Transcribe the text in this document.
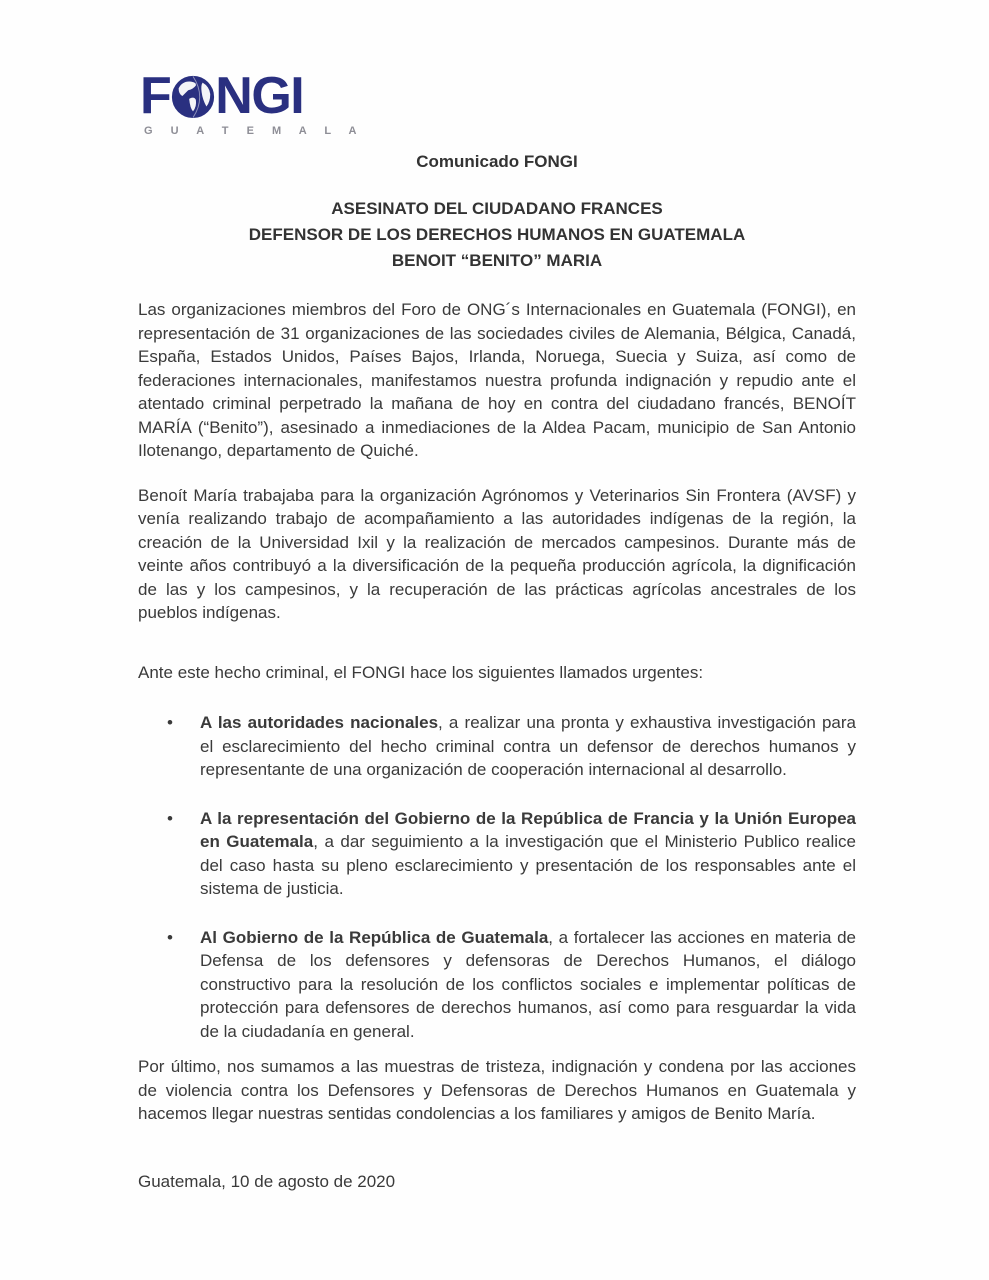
F NGI
G U A T E M A L A

Comunicado FONGI

ASESINATO DEL CIUDADANO FRANCES
DEFENSOR DE LOS DERECHOS HUMANOS EN GUATEMALA
BENOIT “BENITO” MARIA

Las organizaciones miembros del Foro de ONG´s Internacionales en Guatemala (FONGI), en representación de 31 organizaciones de las sociedades civiles de Alemania, Bélgica, Canadá, España, Estados Unidos, Países Bajos, Irlanda, Noruega, Suecia y Suiza, así como de federaciones internacionales, manifestamos nuestra profunda indignación y repudio ante el atentado criminal perpetrado la mañana de hoy en contra del ciudadano francés, BENOÍT MARÍA (“Benito”), asesinado a inmediaciones de la Aldea Pacam, municipio de San Antonio Ilotenango, departamento de Quiché.

Benoít María trabajaba para la organización Agrónomos y Veterinarios Sin Frontera (AVSF) y venía realizando trabajo de acompañamiento a las autoridades indígenas de la región, la creación de la Universidad Ixil y la realización de mercados campesinos. Durante más de veinte años contribuyó a la diversificación de la pequeña producción agrícola, la dignificación de las y los campesinos, y la recuperación de las prácticas agrícolas ancestrales de los pueblos indígenas.

Ante este hecho criminal, el FONGI hace los siguientes llamados urgentes:

• A las autoridades nacionales, a realizar una pronta y exhaustiva investigación para el esclarecimiento del hecho criminal contra un defensor de derechos humanos y representante de una organización de cooperación internacional al desarrollo.
• A la representación del Gobierno de la República de Francia y la Unión Europea en Guatemala, a dar seguimiento a la investigación que el Ministerio Publico realice del caso hasta su pleno esclarecimiento y presentación de los responsables ante el sistema de justicia.
• Al Gobierno de la República de Guatemala, a fortalecer las acciones en materia de Defensa de los defensores y defensoras de Derechos Humanos, el diálogo constructivo para la resolución de los conflictos sociales e implementar políticas de protección para defensores de derechos humanos, así como para resguardar la vida de la ciudadanía en general.

Por último, nos sumamos a las muestras de tristeza, indignación y condena por las acciones de violencia contra los Defensores y Defensoras de Derechos Humanos en Guatemala y hacemos llegar nuestras sentidas condolencias a los familiares y amigos de Benito María.

Guatemala, 10 de agosto de 2020
